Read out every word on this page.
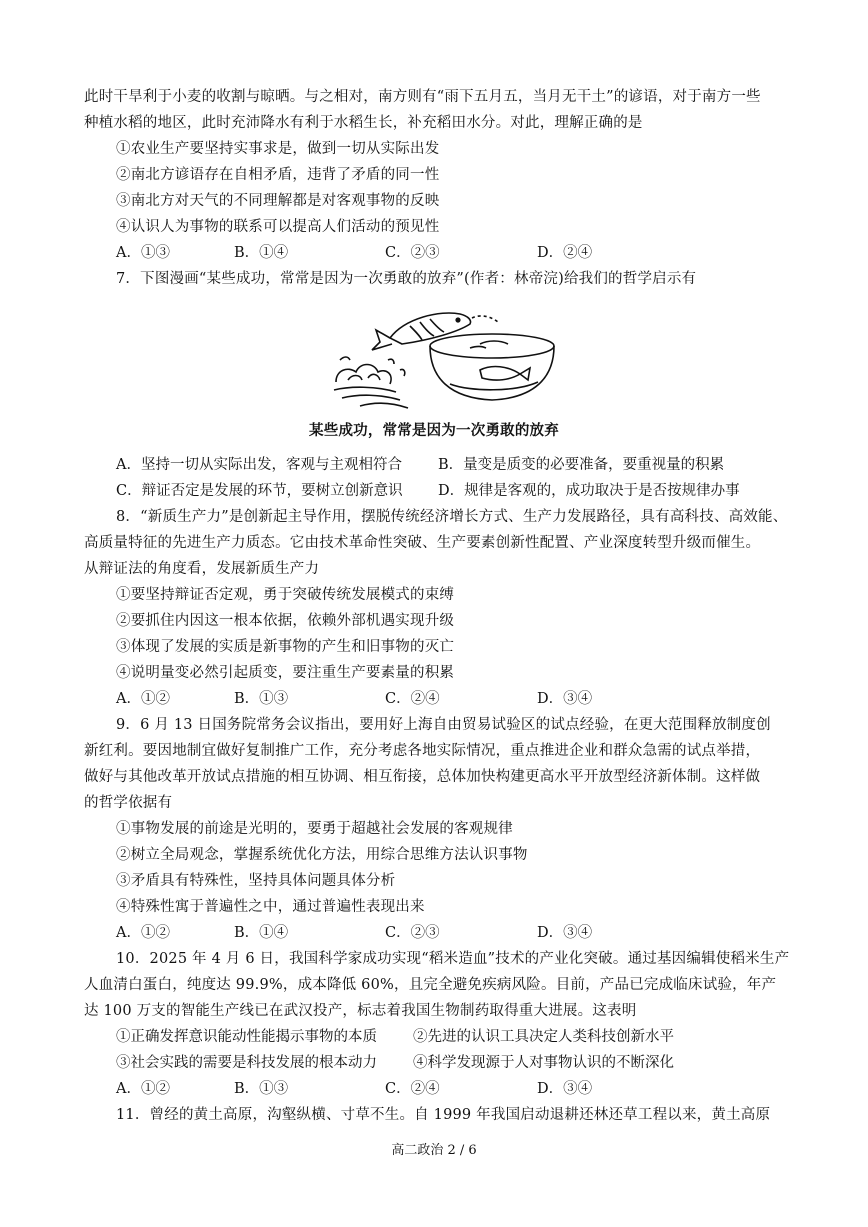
此时干旱利于小麦的收割与晾晒。与之相对，南方则有“雨下五月五，当月无干土”的谚语，对于南方一些
种植水稻的地区，此时充沛降水有利于水稻生长，补充稻田水分。对此，理解正确的是
①农业生产要坚持实事求是，做到一切从实际出发
②南北方谚语存在自相矛盾，违背了矛盾的同一性
③南北方对天气的不同理解都是对客观事物的反映
④认识人为事物的联系可以提高人们活动的预见性
A．①③	B．①④	C．②③	D．②④
7．下图漫画“某些成功，常常是因为一次勇敢的放弃”(作者：林帝浣)给我们的哲学启示有
某些成功，常常是因为一次勇敢的放弃
A．坚持一切从实际出发，客观与主观相符合 B．量变是质变的必要准备，要重视量的积累
C．辩证否定是发展的环节，要树立创新意识 D．规律是客观的，成功取决于是否按规律办事
8．“新质生产力”是创新起主导作用，摆脱传统经济增长方式、生产力发展路径，具有高科技、高效能、
高质量特征的先进生产力质态。它由技术革命性突破、生产要素创新性配置、产业深度转型升级而催生。
从辩证法的角度看，发展新质生产力
①要坚持辩证否定观，勇于突破传统发展模式的束缚
②要抓住内因这一根本依据，依赖外部机遇实现升级
③体现了发展的实质是新事物的产生和旧事物的灭亡
④说明量变必然引起质变，要注重生产要素量的积累
A．①②	B．①③	C．②④	D．③④
9．6 月 13 日国务院常务会议指出，要用好上海自由贸易试验区的试点经验，在更大范围释放制度创
新红利。要因地制宜做好复制推广工作，充分考虑各地实际情况，重点推进企业和群众急需的试点举措，
做好与其他改革开放试点措施的相互协调、相互衔接，总体加快构建更高水平开放型经济新体制。这样做
的哲学依据有
①事物发展的前途是光明的，要勇于超越社会发展的客观规律
②树立全局观念，掌握系统优化方法，用综合思维方法认识事物
③矛盾具有特殊性，坚持具体问题具体分析
④特殊性寓于普遍性之中，通过普遍性表现出来
A．①②	B．①④	C．②③	D．③④
10．2025 年 4 月 6 日，我国科学家成功实现“稻米造血”技术的产业化突破。通过基因编辑使稻米生产
人血清白蛋白，纯度达 99.9%，成本降低 60%，且完全避免疾病风险。目前，产品已完成临床试验，年产
达 100 万支的智能生产线已在武汉投产，标志着我国生物制药取得重大进展。这表明
①正确发挥意识能动性能揭示事物的本质 ②先进的认识工具决定人类科技创新水平
③社会实践的需要是科技发展的根本动力 ④科学发现源于人对事物认识的不断深化
A．①②	B．①③	C．②④	D．③④
11．曾经的黄土高原，沟壑纵横、寸草不生。自 1999 年我国启动退耕还林还草工程以来，黄土高原
高二政治 2 / 6
